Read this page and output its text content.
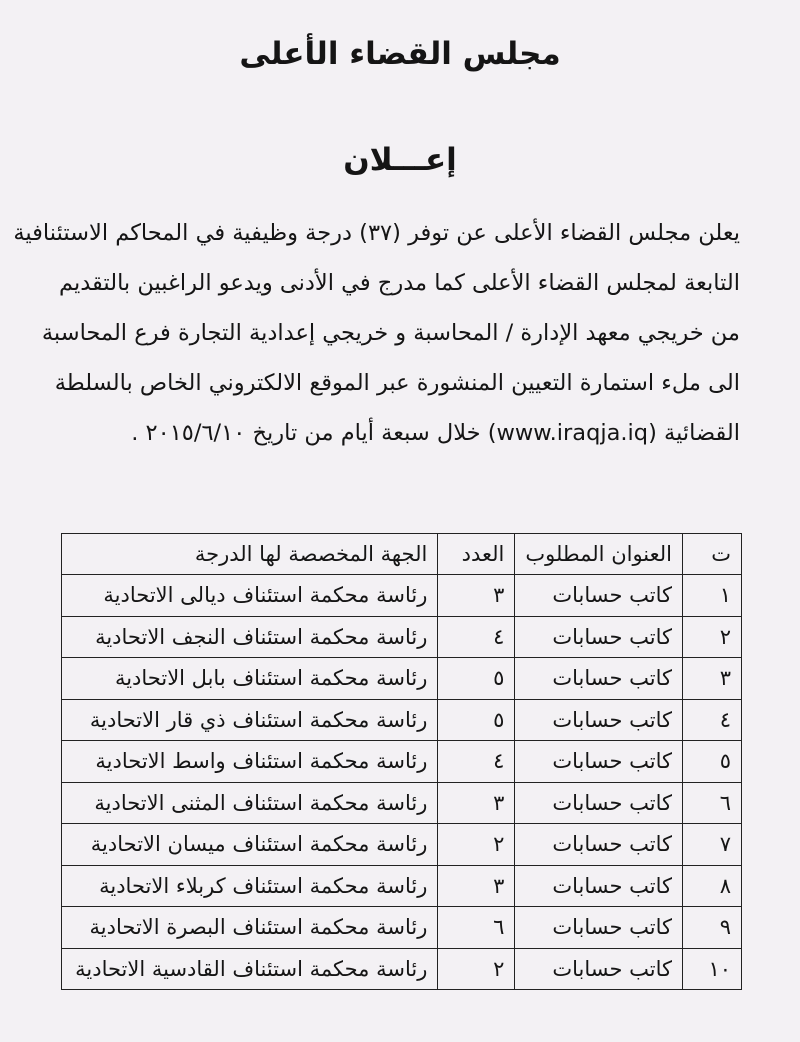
مجلس القضاء الأعلى
إعـــلان
يعلن مجلس القضاء الأعلى عن توفر (٣٧) درجة وظيفية في المحاكم الاستئنافية
التابعة لمجلس القضاء الأعلى كما مدرج في الأدنى ويدعو الراغبين بالتقديم
من خريجي معهد الإدارة / المحاسبة و خريجي إعدادية التجارة فرع المحاسبة
الى ملء استمارة التعيين المنشورة عبر الموقع الالكتروني الخاص بالسلطة
القضائية (www.iraqja.iq) خلال سبعة أيام من تاريخ ٢٠١٥/٦/١٠ .
ت	العنوان المطلوب	العدد	الجهة المخصصة لها الدرجة
١	كاتب حسابات	٣	رئاسة محكمة استئناف ديالى الاتحادية
٢	كاتب حسابات	٤	رئاسة محكمة استئناف النجف الاتحادية
٣	كاتب حسابات	٥	رئاسة محكمة استئناف بابل الاتحادية
٤	كاتب حسابات	٥	رئاسة محكمة استئناف ذي قار الاتحادية
٥	كاتب حسابات	٤	رئاسة محكمة استئناف واسط الاتحادية
٦	كاتب حسابات	٣	رئاسة محكمة استئناف المثنى الاتحادية
٧	كاتب حسابات	٢	رئاسة محكمة استئناف ميسان الاتحادية
٨	كاتب حسابات	٣	رئاسة محكمة استئناف كربلاء الاتحادية
٩	كاتب حسابات	٦	رئاسة محكمة استئناف البصرة الاتحادية
١٠	كاتب حسابات	٢	رئاسة محكمة استئناف القادسية الاتحادية
